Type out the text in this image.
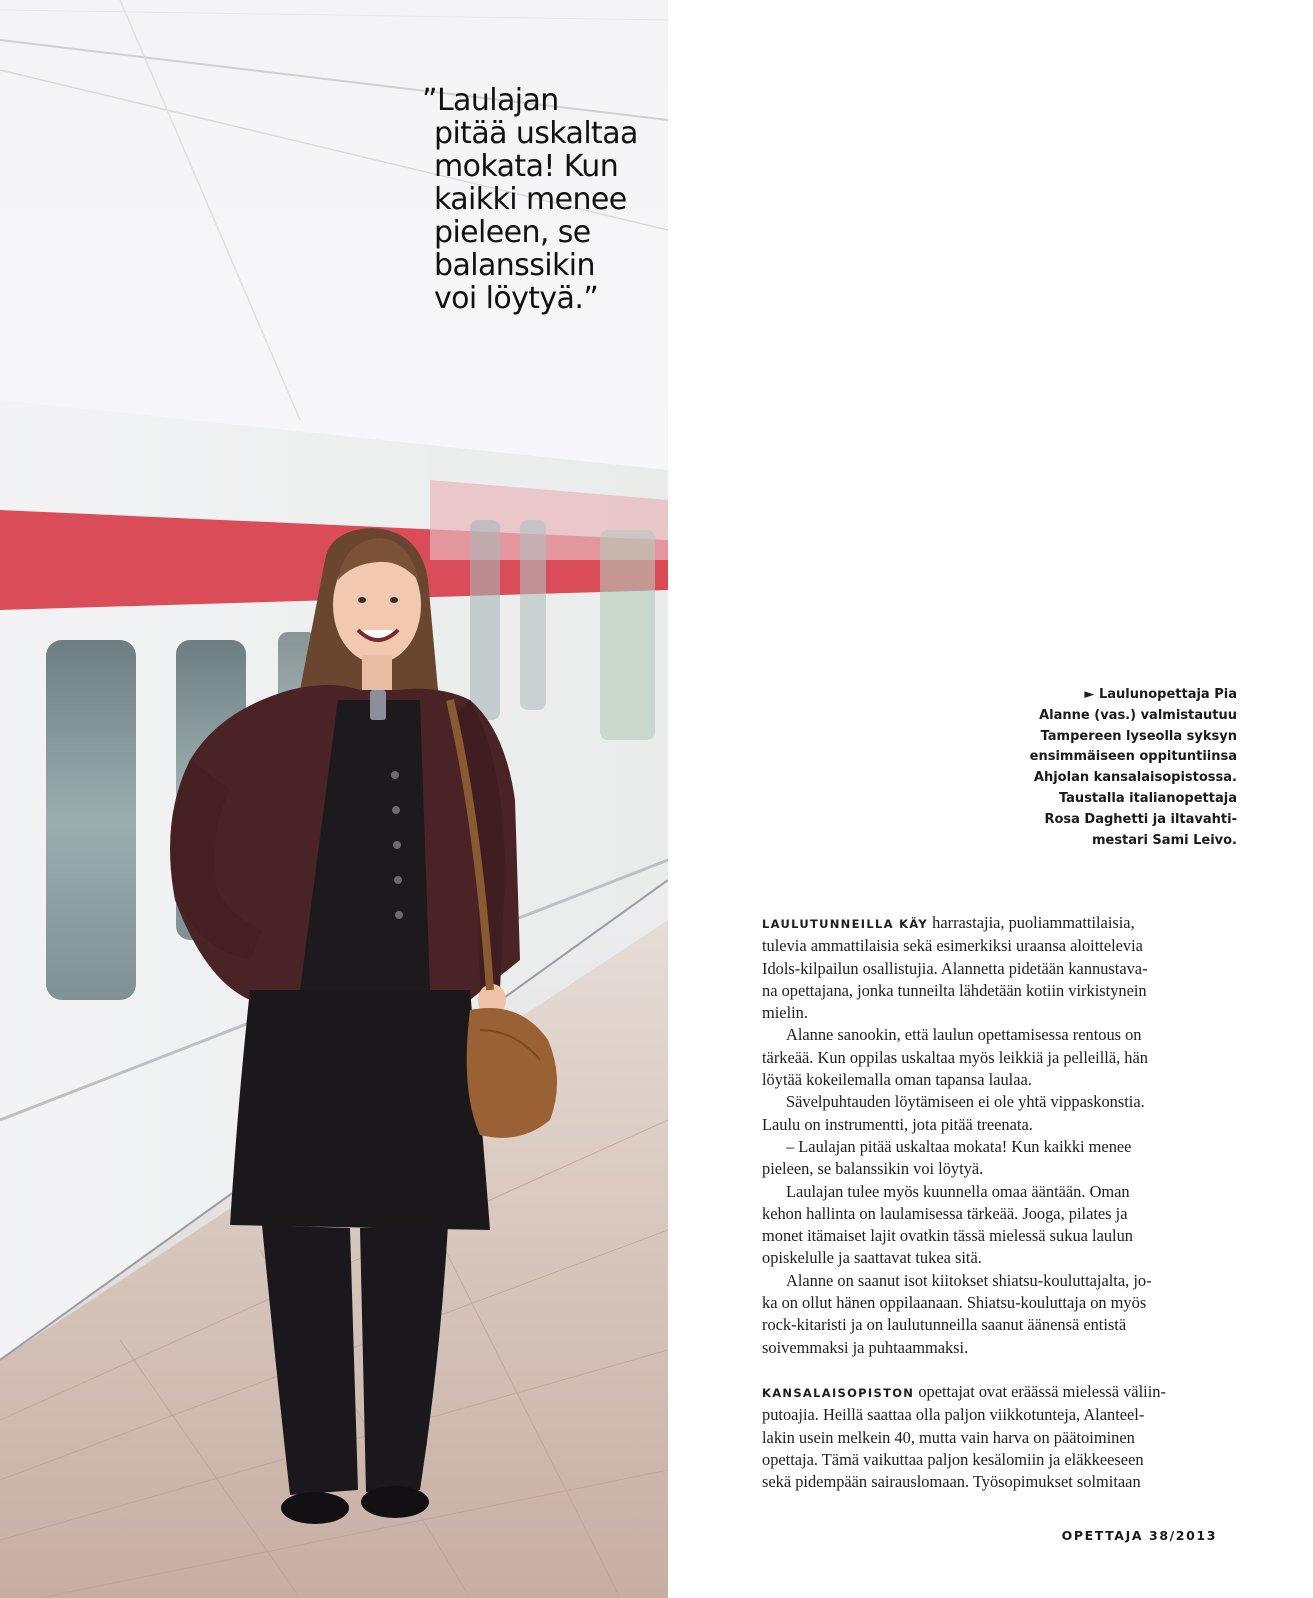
”Laulajan
pitää uskaltaa
mokata! Kun
kaikki menee
pieleen, se
balanssikin
voi löytyä.”
► Laulunopettaja Pia
Alanne (vas.) valmistautuu
Tampereen lyseolla syksyn
ensimmäiseen oppituntiinsa
Ahjolan kansalaisopistossa.
Taustalla italianopettaja
Rosa Daghetti ja iltavahti-
mestari Sami Leivo.
LAULUTUNNEILLA KÄY harrastajia, puoliammattilaisia,
tulevia ammattilaisia sekä esimerkiksi uraansa aloittelevia
Idols-kilpailun osallistujia. Alannetta pidetään kannustava-
na opettajana, jonka tunneilta lähdetään kotiin virkistynein
mielin.
Alanne sanookin, että laulun opettamisessa rentous on
tärkeää. Kun oppilas uskaltaa myös leikkiä ja pelleillä, hän
löytää kokeilemalla oman tapansa laulaa.
Sävelpuhtauden löytämiseen ei ole yhtä vippaskonstia.
Laulu on instrumentti, jota pitää treenata.
– Laulajan pitää uskaltaa mokata! Kun kaikki menee
pieleen, se balanssikin voi löytyä.
Laulajan tulee myös kuunnella omaa ääntään. Oman
kehon hallinta on laulamisessa tärkeää. Jooga, pilates ja
monet itämaiset lajit ovatkin tässä mielessä sukua laulun
opiskelulle ja saattavat tukea sitä.
Alanne on saanut isot kiitokset shiatsu-kouluttajalta, jo-
ka on ollut hänen oppilaanaan. Shiatsu-kouluttaja on myös
rock-kitaristi ja on laulutunneilla saanut äänensä entistä
soivemmaksi ja puhtaammaksi.
KANSALAISOPISTON opettajat ovat eräässä mielessä väliin-
putoajia. Heillä saattaa olla paljon viikkotunteja, Alanteel-
lakin usein melkein 40, mutta vain harva on päätoiminen
opettaja. Tämä vaikuttaa paljon kesälomiin ja eläkkeeseen
sekä pidempään sairauslomaan. Työsopimukset solmitaan
OPETTAJA 38/2013
